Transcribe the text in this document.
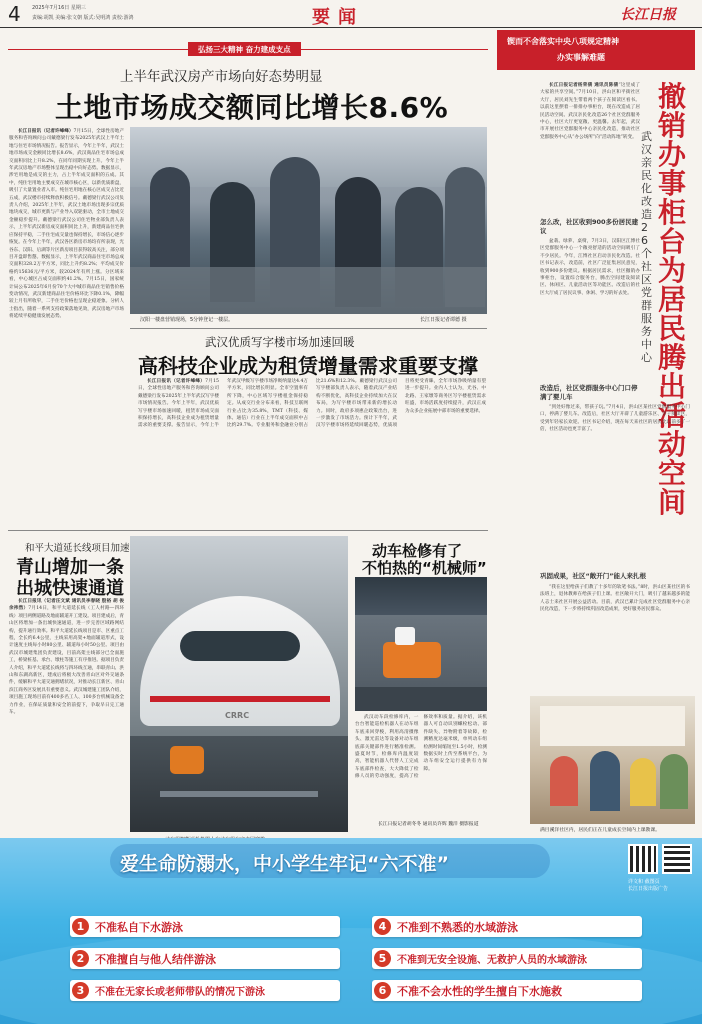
4 2025年7月16日 星期三
责编:胡凯 美编:张文朝 版式:吴明鸿 责校:游鸿	要闻	长江日报
弘扬三大精神 奋力建成支点
上半年武汉房产市场向好态势明显
土地市场成交额同比增长8.6%

长江日报讯（记者许峰峰）7月15日，全球性房地产服务和咨询顾问公司戴德梁行发布2025年武汉上半年土地与住宅市场情况报告。报告显示，今年上半年，武汉土地市场成交金额同比增长8.6%，武汉商品住宅市场总成交面积同比上升8.2%，在同年同期实现上升。今年上半年武汉房地产市场整体呈现出稳中向好态势。数据显示，涉宅用地是成交的主力，占上半年成交面积的五成。其中，纯住宅用地主要成交在城市核心区，以新优质新盘，吸引了大量置业者入市。纯住宅用地在核心区成交占比近五成，武汉楼市持续释放积极信号。戴德梁行武汉公司负责人介绍，2025年上半年，武汉土地市场出现多宗优质地块成交，城市更新与产业导入双轮驱动，全市土地成交金额稳步提升。戴德梁行武汉公司住宅物业部负责人表示，上半年武汉新房成交面积同比上升，新建商品住宅供应保持平稳，二手住宅成交量也保持增长，市场信心逐步恢复。在今年上半年，武汉各区新房市场均有所表现，光谷东、汉阳、后湖等片区新房项目获得较高关注，部分项目开盘即售罄。数据显示，上半年武汉商品住宅市场总成交面积328.2万平方米，同比上升约8.2%；平均成交价格约15636元/平方米，较2024年有所上涨。分区域来看，中心城区占成交面积约41.2%。7月15日，国家统计局公布2025年6月份70个大中城市商品住宅销售价格变动情况，武汉新建商品住宅价格环比下降0.1%，降幅较上月有所收窄，二手住宅价格也呈现企稳迹象。分析人士指出，随着一系列支持政策落地见效，武汉房地产市场将延续平稳健康发展态势。

汉阳一楼盘营销现场，5分钟登记一楼层。	长江日报记者谭德 摄
武汉优质写字楼市场加速回暖
高科技企业成为租赁增量需求重要支撑

长江日报讯（记者许峰峰）7月15日，全球性房地产服务和咨询顾问公司戴德梁行发布2025年上半年武汉写字楼市场情况报告。今年上半年，武汉优质写字楼市场加速回暖，租赁市场成交面积保持增长，高科技企业成为租赁增量需求的重要支撑。报告显示，今年上半年武汉甲级写字楼市场净吸纳量达4.4万平方米，同比增长明显。全市空置率有所下降，中心区域写字楼租金保持稳定。从成交行业分布来看，科技互联网行业占比为35.8%，TMT（科技、媒体、通信）行业在上半年成交面积中占比约29.7%。专业服务和金融业分别占比21.6%和12.3%。戴德梁行武汉公司写字楼部负责人表示，随着武汉产业结构不断优化，高科技企业持续加大在汉布局，为写字楼市场带来新的增长动力。同时，政府多项惠企政策出台，进一步激发了市场活力。预计下半年，武汉写字楼市场将延续回暖态势，优质项目将更受青睐，全年市场净吸纳量有望进一步提升。业内人士认为，光谷、中北路、王家墩等商务区写字楼租赁需求旺盛，市场活跃度持续提升，武汉正成为众多企业拓展中部市场的重要选择。

和平大道延长线项目加速
青山增加一条
出城快速通道

长江日报讯（记者汪文斌 通讯员李春晓 殷裕 胡 俊 余祎然）7月14日，和平大道延长线（工人村路—四环线）项目两侧道路及地面辅道开工建设。项目建成后，青山区将增加一条出城快速通道，进一步完善区域路网结构，提升通行效率。和平大道延长线项目是市、区重点工程，全长约6.4公里，主线采用高架+地面辅道形式，设计速度主线每小时80公里、辅道每小时50公里。项目由武汉市城建集团负责建设，目前高架主线部分已全面施工，桥梁桩基、承台、墩柱等施工有序推进。据项目负责人介绍，和平大道延长线将与四环线互通，串联青山、洪山和东湖高新区，建成后将极大改善青山区对外交通条件，缓解和平大道交通拥堵状况，对推动长江新区、青山滨江商务区发展具有重要意义。武汉城建施工团队介绍，项目施工现场目前有400多名工人、100多台机械设备全力作业，在保证质量和安全的前提下，争取早日完工通车。	CRRC
动车检修有了
不怕热的“机械师”

武汉动车段检修库内，一台台智能巡检机器人在动车组车底来回穿梭，利用高清摄像头、激光雷达等设备对动车组底部关键部件进行精准检测。盛夏时节，检修库内温度较高，智能机器人代替人工完成车底部件检查，大大降低了检修人员的劳动强度，提高了检修效率和质量。据介绍，该机器人可自动识别螺栓松动、部件缺失、异物附着等故障，检测精度达毫米级，单列动车组检测时间缩短至1.5小时，检测数据实时上传至系统平台，为动车组安全运行提供有力保障。

长江日报记者胡冬冬 通讯员许辉 魏洋 摄影报道
锲而不舍落实中央八项规定精神
办实事解难题
撤销办事柜台为居民腾出活动空间
武汉亲民化改造26个社区党群服务中心

长江日报记者杨荣倩 通讯员陈倩“这里成了大家的共享空间。”7月10日，洪山区和平街社区大厅，居民刘先生带着两个孩子在阅读区看书。以前这里摆着一排排办事柜台，现在改造成了居民活动空间。武汉亲民化改造26个社区党群服务中心，社区大厅更宽敞、更温馨。去年起，武汉市开展社区党群服务中心亲民化改造，推动社区党群服务中心从“办公场所”向“活动阵地”转变。

怎么改，社区收到900多份居民建议

盆栽、绿萝、桌椅，7月3日，汉阳区江博社区党群服务中心一个敞亮舒适的活动空间吸引了不少居民。今年，江博社区启动亲民化改造。社区书记表示，改造前，社区广泛征集居民意见，收到900多份建议。根据居民需求，社区撤销办事柜台，设置综合服务台，腾出空间建设阅读区、休闲区、儿童活动区等功能区。改造后的社区大厅成了居民议事、休闲、学习的好去处。

改造后，社区党群服务中心门口停满了婴儿车

“到处好像过来，带孩子玩。”7月4日，洪山区某社区党群服务中心门口，停满了婴儿车。改造后，社区大厅开辟了儿童游乐区、亲子阅读区，受到年轻家长欢迎。社区书记介绍，现在每天来社区的居民比以前多了一倍，社区活动也更丰富了。

巩固成果，社区“敞开门”能人来扎根

“我在这里给孩子们教了十多年的软笔书法。”8时，洪山区某社区的书法班上，退休教师在给孩子们上课。社区敞开大门，吸引了越来越多的能人志士来社区开展公益活动。目前，武汉已累计完成社区党群服务中心亲民化改造，下一步将持续巩固改造成果，更好服务居民群众。

满目溪洋社区内，居民们正在儿童成长空间内上课教课。
爱生命防溺水，中小学生牢记“六不准”
详文和 截图页
长江日报出版广告
1 不准私自下水游泳
2 不准擅自与他人结伴游泳
3	不准在无家长或老师带队的情况下游泳
4 不准到不熟悉的水域游泳
5	不准到无安全设施、无救护人员的水域游泳
6 不准不会水性的学生擅自下水施救
